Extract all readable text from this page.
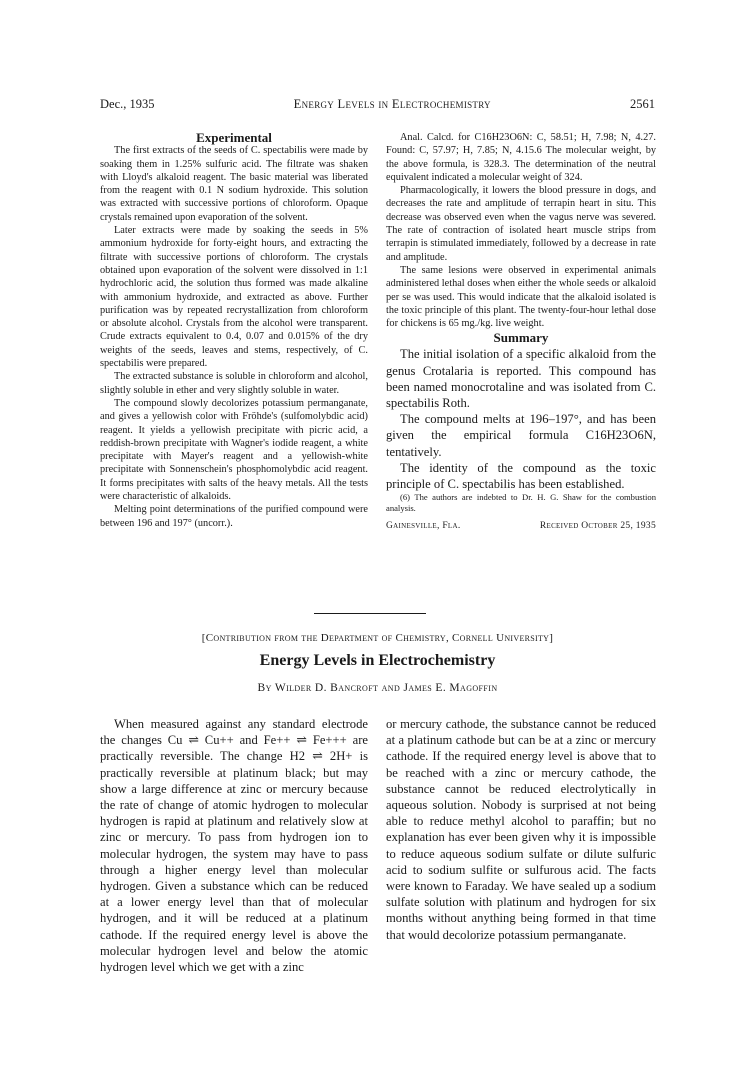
Dec., 1935	Energy Levels in Electrochemistry	2561

Experimental

The first extracts of the seeds of C. spectabilis were made by soaking them in 1.25% sulfuric acid. The filtrate was shaken with Lloyd's alkaloid reagent. The basic material was liberated from the reagent with 0.1 N sodium hydroxide. This solution was extracted with successive portions of chloroform. Opaque crystals remained upon evaporation of the solvent.

Later extracts were made by soaking the seeds in 5% ammonium hydroxide for forty-eight hours, and extracting the filtrate with successive portions of chloroform. The crystals obtained upon evaporation of the solvent were dissolved in 1:1 hydrochloric acid, the solution thus formed was made alkaline with ammonium hydroxide, and extracted as above. Further purification was by repeated recrystallization from chloroform or absolute alcohol. Crystals from the alcohol were transparent. Crude extracts equivalent to 0.4, 0.07 and 0.015% of the dry weights of the seeds, leaves and stems, respectively, of C. spectabilis were prepared.

The extracted substance is soluble in chloroform and alcohol, slightly soluble in ether and very slightly soluble in water.

The compound slowly decolorizes potassium permanganate, and gives a yellowish color with Fröhde's (sulfomolybdic acid) reagent. It yields a yellowish precipitate with picric acid, a reddish-brown precipitate with Wagner's iodide reagent, a white precipitate with Mayer's reagent and a yellowish-white precipitate with Sonnenschein's phosphomolybdic acid reagent. It forms precipitates with salts of the heavy metals. All the tests were characteristic of alkaloids.

Melting point determinations of the purified compound were between 196 and 197° (uncorr.).

Anal. Calcd. for C16H23O6N: C, 58.51; H, 7.98; N, 4.27. Found: C, 57.97; H, 7.85; N, 4.15.6 The molecular weight, by the above formula, is 328.3. The determination of the neutral equivalent indicated a molecular weight of 324.

Pharmacologically, it lowers the blood pressure in dogs, and decreases the rate and amplitude of terrapin heart in situ. This decrease was observed even when the vagus nerve was severed. The rate of contraction of isolated heart muscle strips from terrapin is stimulated immediately, followed by a decrease in rate and amplitude.

The same lesions were observed in experimental animals administered lethal doses when either the whole seeds or alkaloid per se was used. This would indicate that the alkaloid isolated is the toxic principle of this plant. The twenty-four-hour lethal dose for chickens is 65 mg./kg. live weight.

Summary

The initial isolation of a specific alkaloid from the genus Crotalaria is reported. This compound has been named monocrotaline and was isolated from C. spectabilis Roth.

The compound melts at 196–197°, and has been given the empirical formula C16H23O6N, tentatively.

The identity of the compound as the toxic principle of C. spectabilis has been established.

(6) The authors are indebted to Dr. H. G. Shaw for the combustion analysis.

Gainesville, Fla.	Received October 25, 1935
[Contribution from the Department of Chemistry, Cornell University]
Energy Levels in Electrochemistry
By Wilder D. Bancroft and James E. Magoffin

When measured against any standard electrode the changes Cu ⇌ Cu++ and Fe++ ⇌ Fe+++ are practically reversible. The change H2 ⇌ 2H+ is practically reversible at platinum black; but may show a large difference at zinc or mercury because the rate of change of atomic hydrogen to molecular hydrogen is rapid at platinum and relatively slow at zinc or mercury. To pass from hydrogen ion to molecular hydrogen, the system may have to pass through a higher energy level than molecular hydrogen. Given a substance which can be reduced at a lower energy level than that of molecular hydrogen, and it will be reduced at a platinum cathode. If the required energy level is above the molecular hydrogen level and below the atomic hydrogen level which we get with a zinc

or mercury cathode, the substance cannot be reduced at a platinum cathode but can be at a zinc or mercury cathode. If the required energy level is above that to be reached with a zinc or mercury cathode, the substance cannot be reduced electrolytically in aqueous solution. Nobody is surprised at not being able to reduce methyl alcohol to paraffin; but no explanation has ever been given why it is impossible to reduce aqueous sodium sulfate or dilute sulfuric acid to sodium sulfite or sulfurous acid. The facts were known to Faraday. We have sealed up a sodium sulfate solution with platinum and hydrogen for six months without anything being formed in that time that would decolorize potassium permanganate.
